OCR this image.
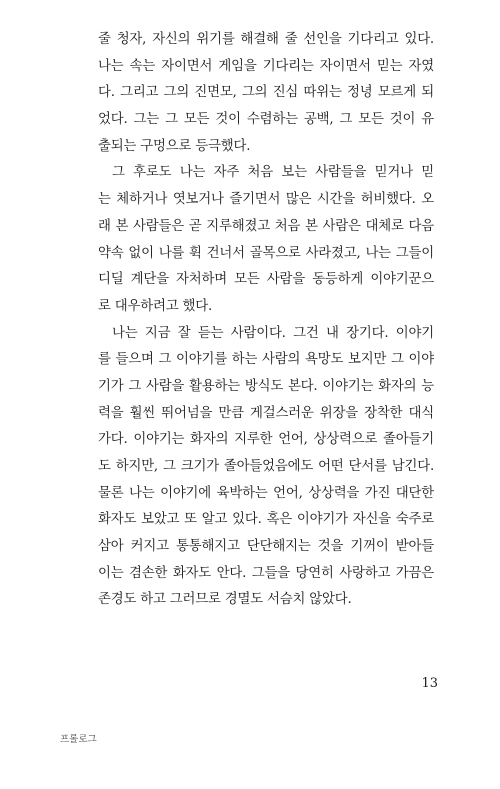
줄 청자, 자신의 위기를 해결해 줄 선인을 기다리고 있다.
나는 속는 자이면서 게임을 기다리는 자이면서 믿는 자였
다. 그리고 그의 진면모, 그의 진심 따위는 정녕 모르게 되
었다. 그는 그 모든 것이 수렴하는 공백, 그 모든 것이 유
출되는 구멍으로 등극했다.
그 후로도 나는 자주 처음 보는 사람들을 믿거나 믿
는 체하거나 엿보거나 즐기면서 많은 시간을 허비했다. 오
래 본 사람들은 곧 지루해졌고 처음 본 사람은 대체로 다음
약속 없이 나를 휙 건너서 골목으로 사라졌고, 나는 그들이
디딜 계단을 자처하며 모든 사람을 동등하게 이야기꾼으
로 대우하려고 했다.
나는 지금 잘 듣는 사람이다. 그건 내 장기다. 이야기
를 들으며 그 이야기를 하는 사람의 욕망도 보지만 그 이야
기가 그 사람을 활용하는 방식도 본다. 이야기는 화자의 능
력을 훨씬 뛰어넘을 만큼 게걸스러운 위장을 장착한 대식
가다. 이야기는 화자의 지루한 언어, 상상력으로 졸아들기
도 하지만, 그 크기가 졸아들었음에도 어떤 단서를 남긴다.
물론 나는 이야기에 육박하는 언어, 상상력을 가진 대단한
화자도 보았고 또 알고 있다. 혹은 이야기가 자신을 숙주로
삼아 커지고 통통해지고 단단해지는 것을 기꺼이 받아들
이는 겸손한 화자도 안다. 그들을 당연히 사랑하고 가끔은
존경도 하고 그러므로 경멸도 서슴치 않았다.
13
프롤로그
